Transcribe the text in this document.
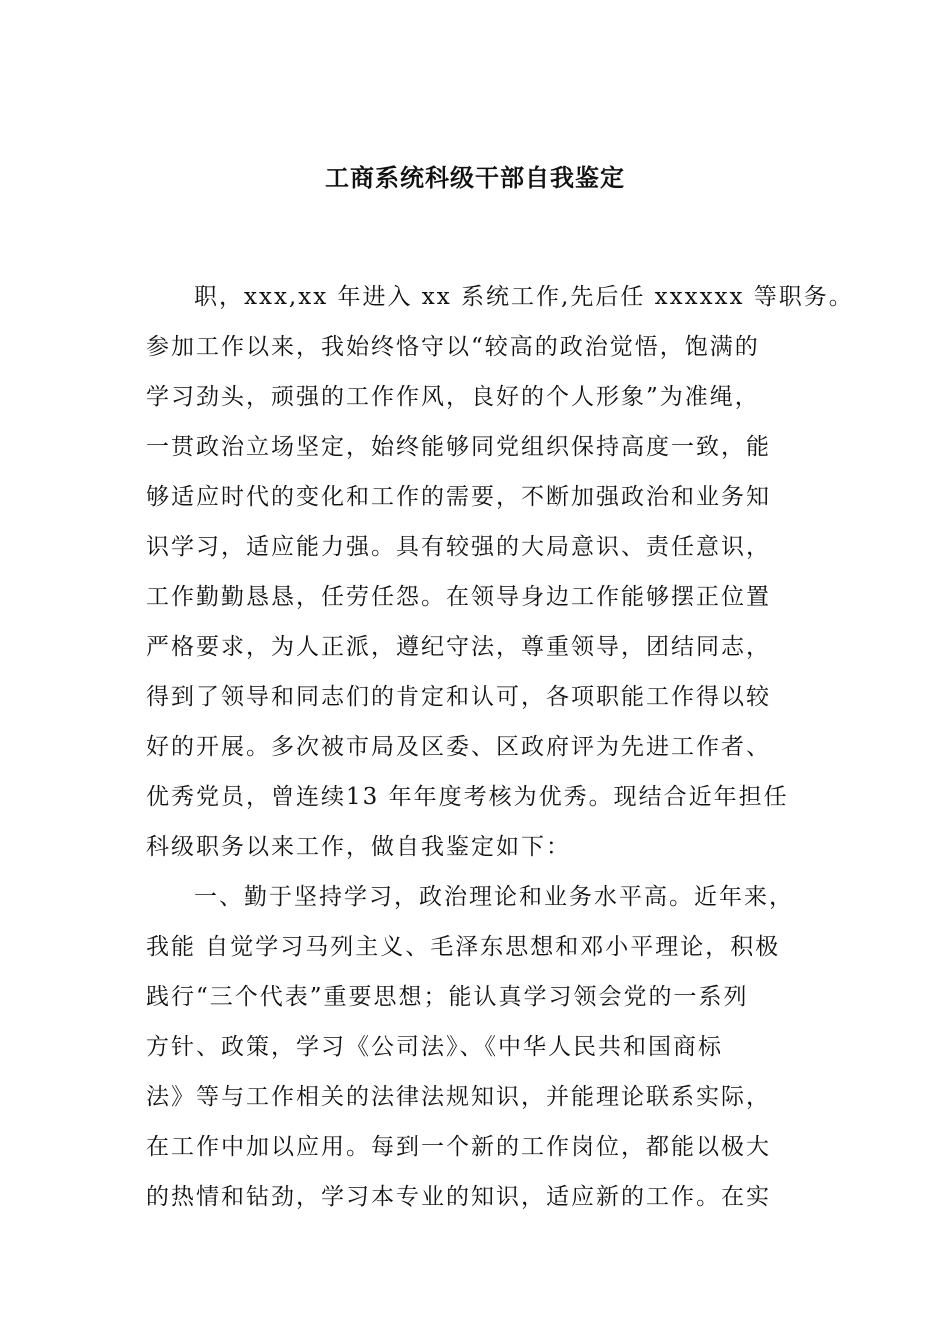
工商系统科级干部自我鉴定
职，xxx,xx 年进入 xx 系统工作,先后任 xxxxxx 等职务。
参加工作以来，我始终恪守以“较高的政治觉悟，饱满的
学习劲头，顽强的工作作风，良好的个人形象”为准绳，
一贯政治立场坚定，始终能够同党组织保持高度一致，能
够适应时代的变化和工作的需要，不断加强政治和业务知
识学习，适应能力强。具有较强的大局意识、责任意识，
工作勤勤恳恳，任劳任怨。在领导身边工作能够摆正位置
严格要求，为人正派，遵纪守法，尊重领导，团结同志，
得到了领导和同志们的肯定和认可，各项职能工作得以较
好的开展。多次被市局及区委、区政府评为先进工作者、
优秀党员，曾连续13 年年度考核为优秀。现结合近年担任
科级职务以来工作，做自我鉴定如下：
一、勤于坚持学习，政治理论和业务水平高。近年来，
我能 自觉学习马列主义、毛泽东思想和邓小平理论，积极
践行“三个代表”重要思想；能认真学习领会党的一系列
方针、政策，学习《公司法》、《中华人民共和国商标
法》等与工作相关的法律法规知识，并能理论联系实际，
在工作中加以应用。每到一个新的工作岗位，都能以极大
的热情和钻劲，学习本专业的知识，适应新的工作。在实
